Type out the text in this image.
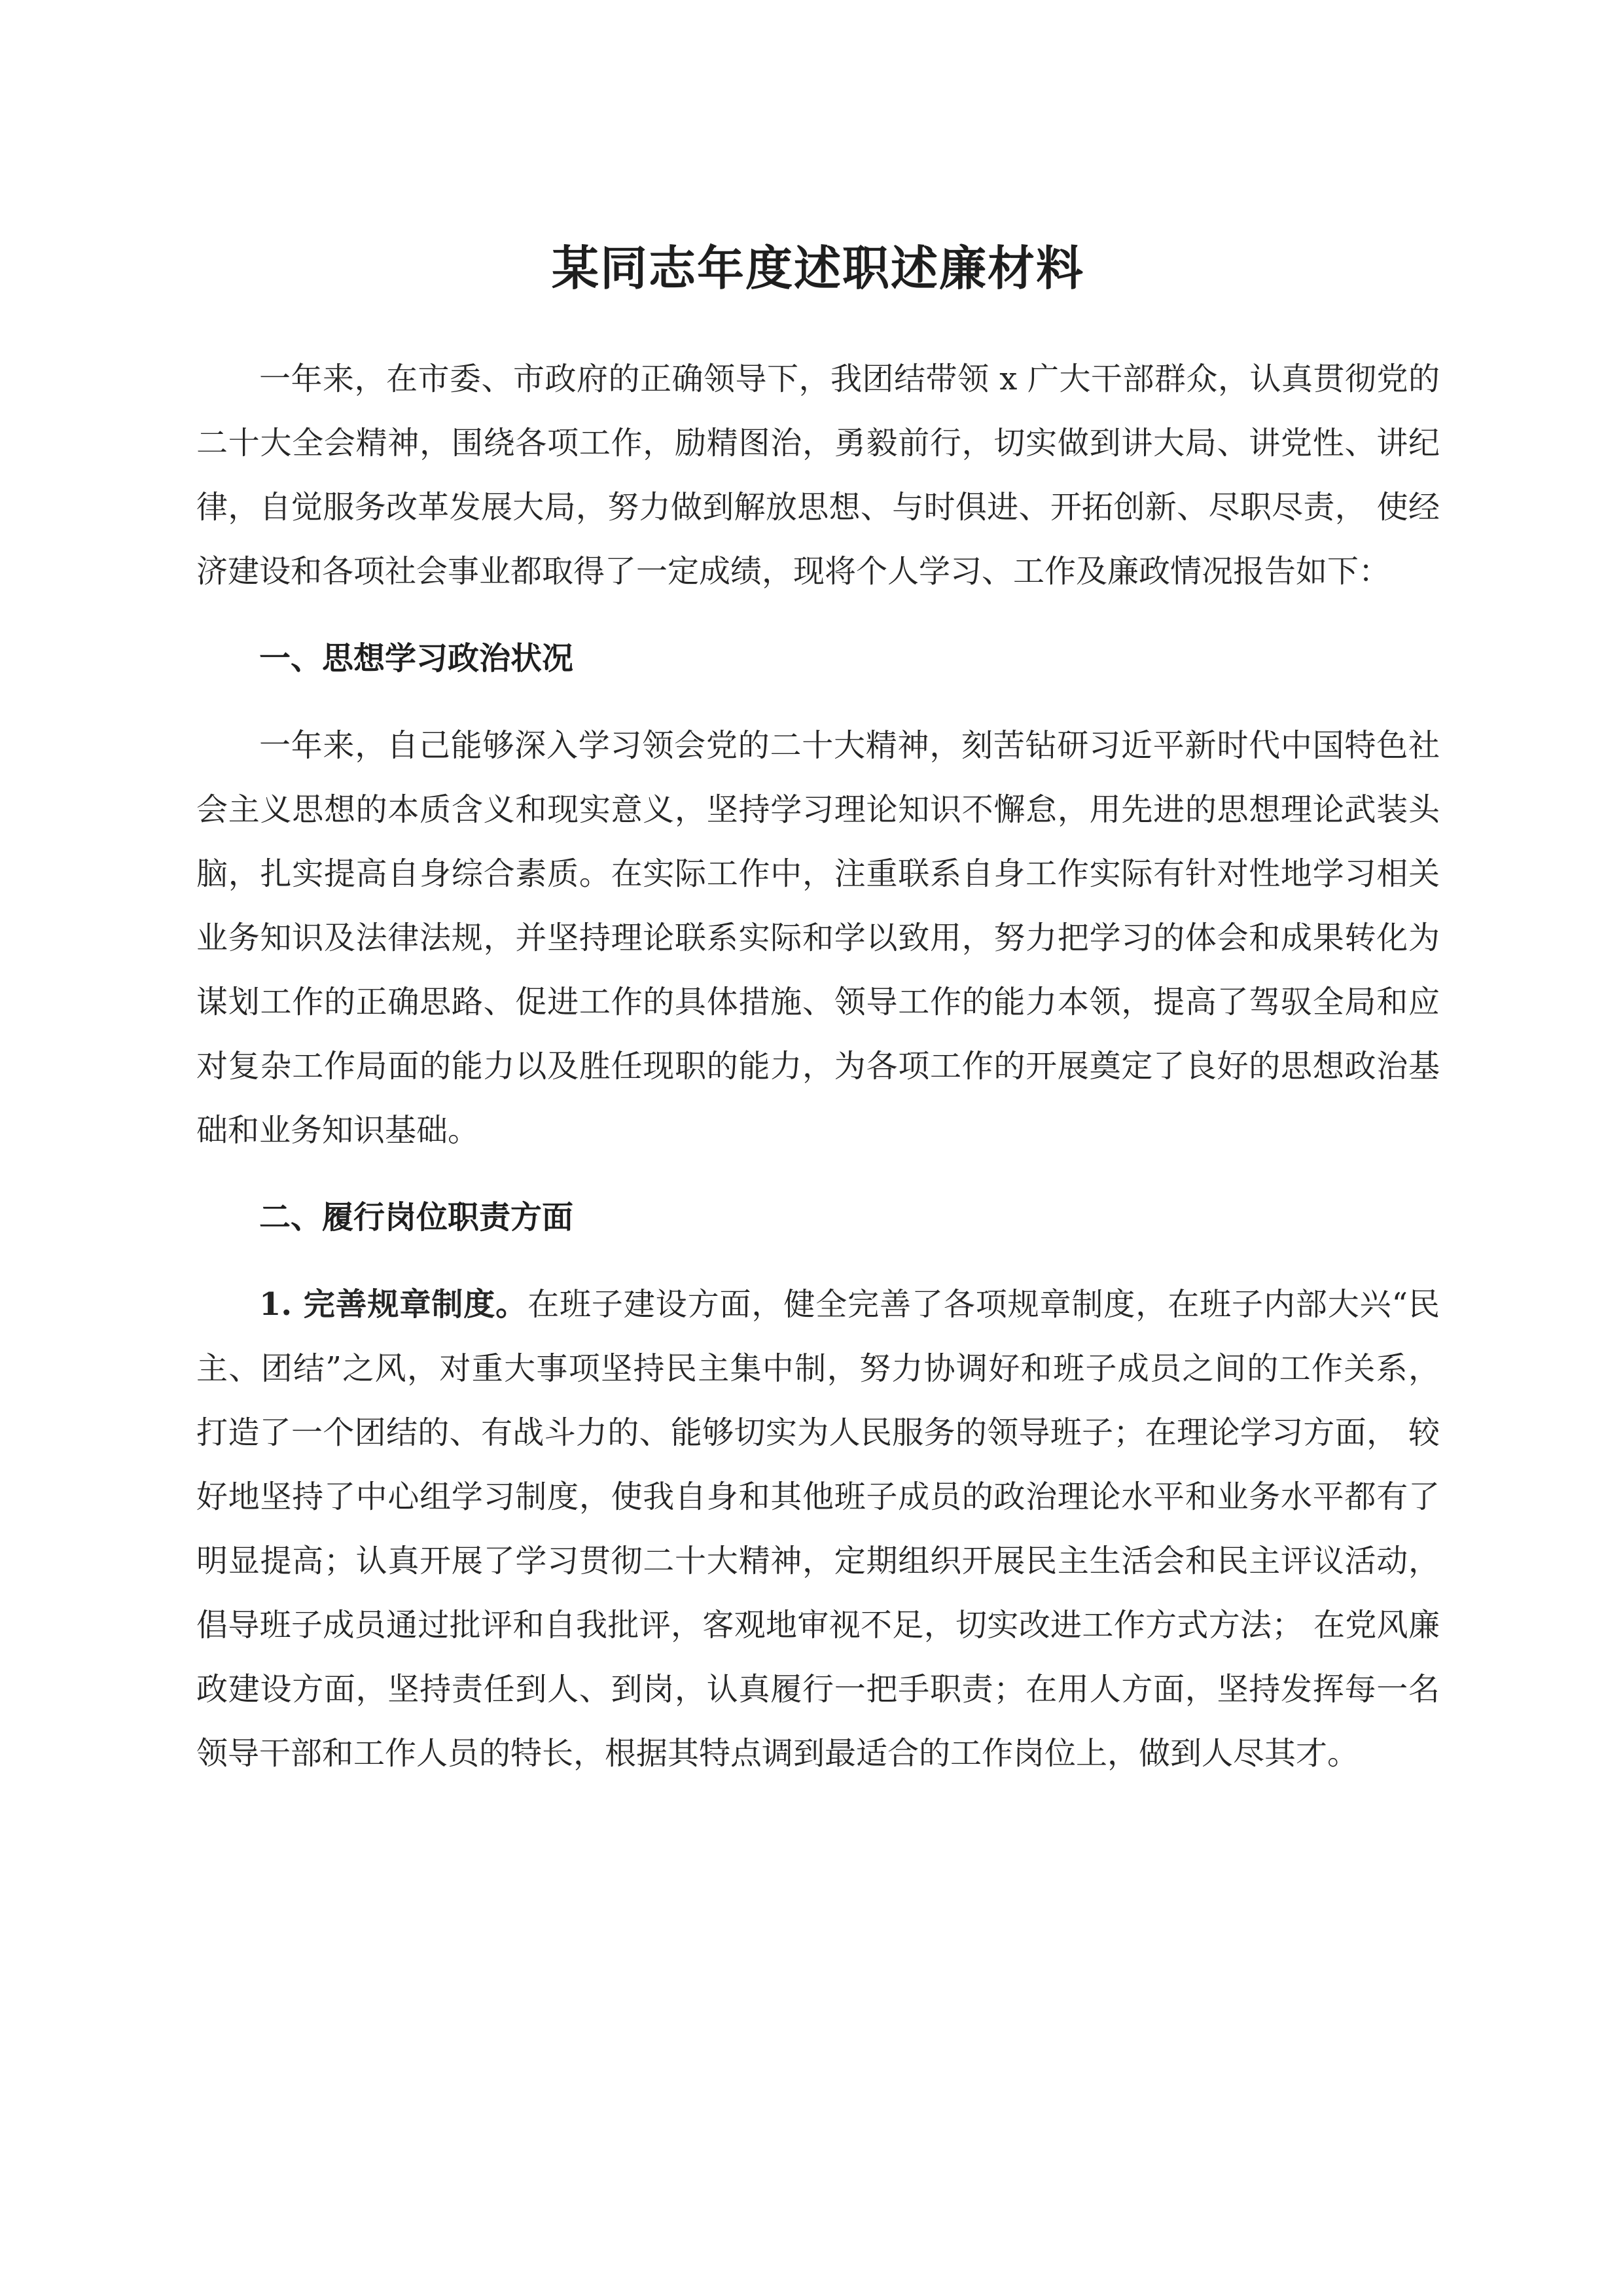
某同志年度述职述廉材料

一年来，在市委、市政府的正确领导下，我团结带领 x 广大干部群众，认真贯彻党的二十大全会精神，围绕各项工作，励精图治，勇毅前行，切实做到讲大局、讲党性、讲纪律，自觉服务改革发展大局，努力做到解放思想、与时俱进、开拓创新、尽职尽责， 使经济建设和各项社会事业都取得了一定成绩，现将个人学习、工作及廉政情况报告如下：

一、思想学习政治状况

一年来，自己能够深入学习领会党的二十大精神，刻苦钻研习近平新时代中国特色社会主义思想的本质含义和现实意义，坚持学习理论知识不懈怠，用先进的思想理论武装头脑，扎实提高自身综合素质。在实际工作中，注重联系自身工作实际有针对性地学习相关业务知识及法律法规，并坚持理论联系实际和学以致用，努力把学习的体会和成果转化为谋划工作的正确思路、促进工作的具体措施、领导工作的能力本领，提高了驾驭全局和应对复杂工作局面的能力以及胜任现职的能力，为各项工作的开展奠定了良好的思想政治基础和业务知识基础。

二、履行岗位职责方面

1. 完善规章制度。在班子建设方面，健全完善了各项规章制度，在班子内部大兴“民主、团结”之风，对重大事项坚持民主集中制，努力协调好和班子成员之间的工作关系， 打造了一个团结的、有战斗力的、能够切实为人民服务的领导班子；在理论学习方面， 较好地坚持了中心组学习制度，使我自身和其他班子成员的政治理论水平和业务水平都有了明显提高；认真开展了学习贯彻二十大精神，定期组织开展民主生活会和民主评议活动，倡导班子成员通过批评和自我批评，客观地审视不足，切实改进工作方式方法； 在党风廉政建设方面，坚持责任到人、到岗，认真履行一把手职责；在用人方面，坚持发挥每一名领导干部和工作人员的特长，根据其特点调到最适合的工作岗位上，做到人尽其才。
